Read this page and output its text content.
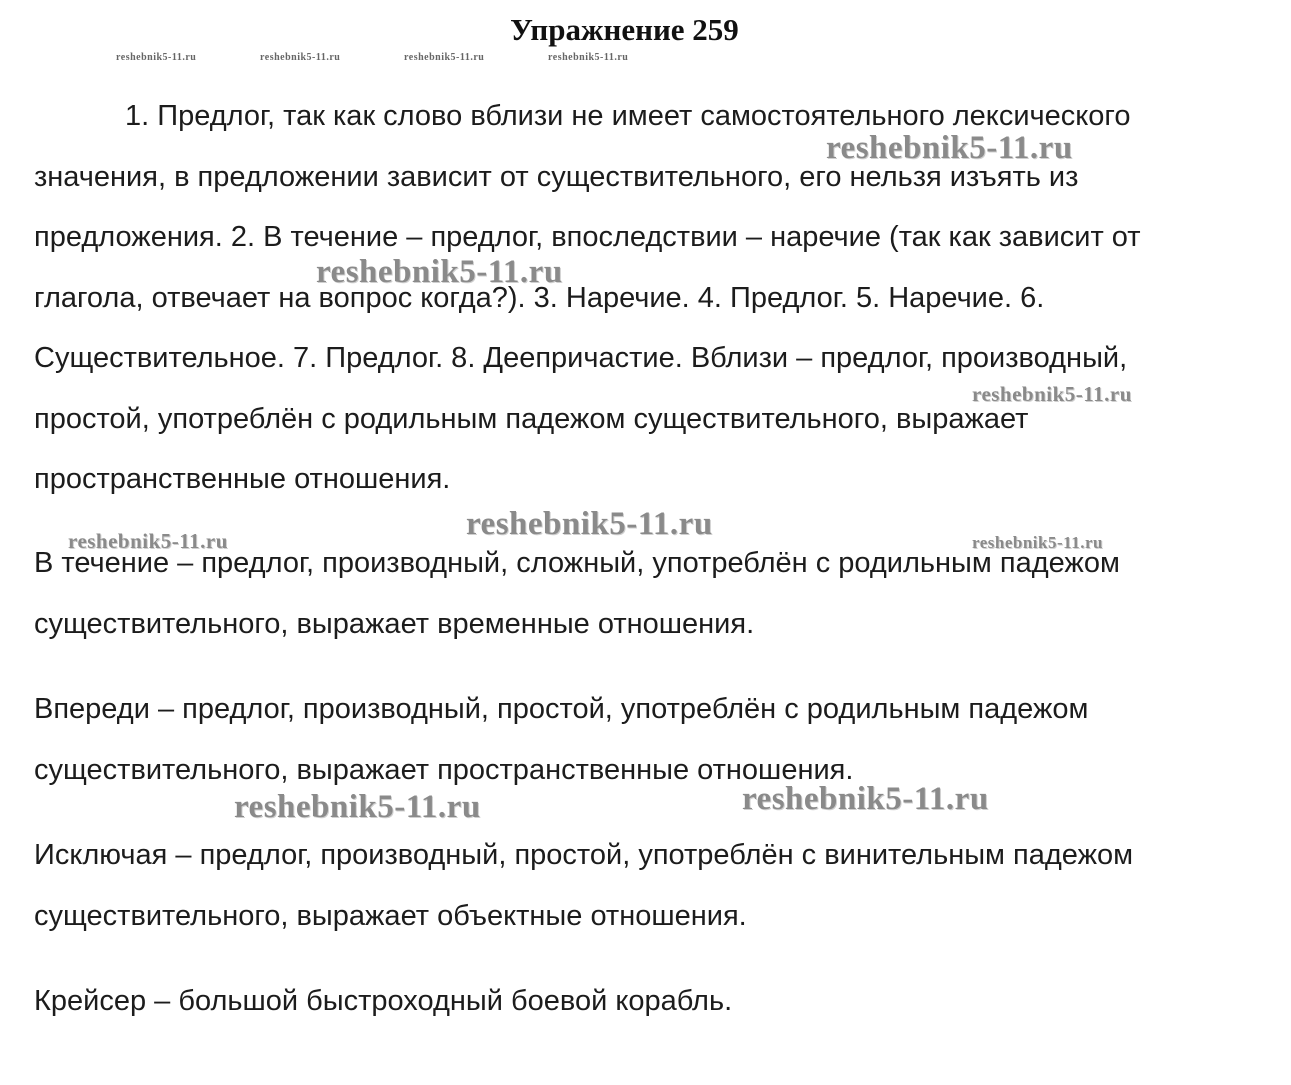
Упражнение 259
reshebnik5-11.ru	reshebnik5-11.ru	reshebnik5-11.ru	reshebnik5-11.ru

1. Предлог, так как слово вблизи не имеет самостоятельного лексического значения, в предложении зависит от существительного, его нельзя изъять из предложения. 2. В течение – предлог, впоследствии – наречие (так как зависит от глагола, отвечает на вопрос когда?). 3. Наречие. 4. Предлог. 5. Наречие. 6. Существительное. 7. Предлог. 8. Деепричастие. Вблизи – предлог, производный, простой, употреблён с родильным падежом существительного, выражает пространственные отношения.

В течение – предлог, производный, сложный, употреблён с родильным падежом существительного, выражает временные отношения.

Впереди – предлог, производный, простой, употреблён с родильным падежом существительного, выражает пространственные отношения.

Исключая – предлог, производный, простой, употреблён с винительным падежом существительного, выражает объектные отношения.

Крейсер – большой быстроходный боевой корабль.

reshebnik5-11.ru
reshebnik5-11.ru
reshebnik5-11.ru
reshebnik5-11.ru
reshebnik5-11.ru	reshebnik5-11.ru
reshebnik5-11.ru	reshebnik5-11.ru
